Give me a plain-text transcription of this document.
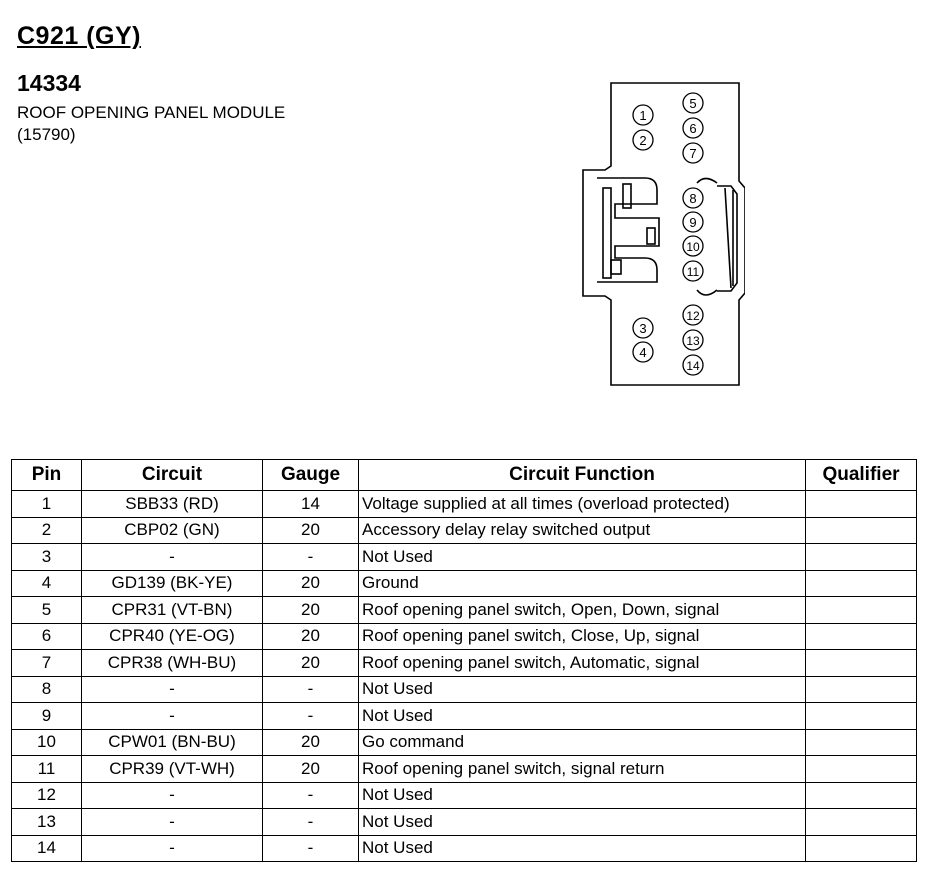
C921 (GY)
14334
ROOF OPENING PANEL MODULE
(15790)
1
2
3
4
5
6
7
8
9
10
11
12
13
14
Pin	Circuit	Gauge	Circuit Function	Qualifier
1	SBB33 (RD)	14	Voltage supplied at all times (overload protected)	
2	CBP02 (GN)	20	Accessory delay relay switched output	
3	-	-	Not Used	
4	GD139 (BK-YE)	20	Ground	
5	CPR31 (VT-BN)	20	Roof opening panel switch, Open, Down, signal	
6	CPR40 (YE-OG)	20	Roof opening panel switch, Close, Up, signal	
7	CPR38 (WH-BU)	20	Roof opening panel switch, Automatic, signal	
8	-	-	Not Used	
9	-	-	Not Used	
10	CPW01 (BN-BU)	20	Go command	
11	CPR39 (VT-WH)	20	Roof opening panel switch, signal return	
12	-	-	Not Used	
13	-	-	Not Used	
14	-	-	Not Used	
